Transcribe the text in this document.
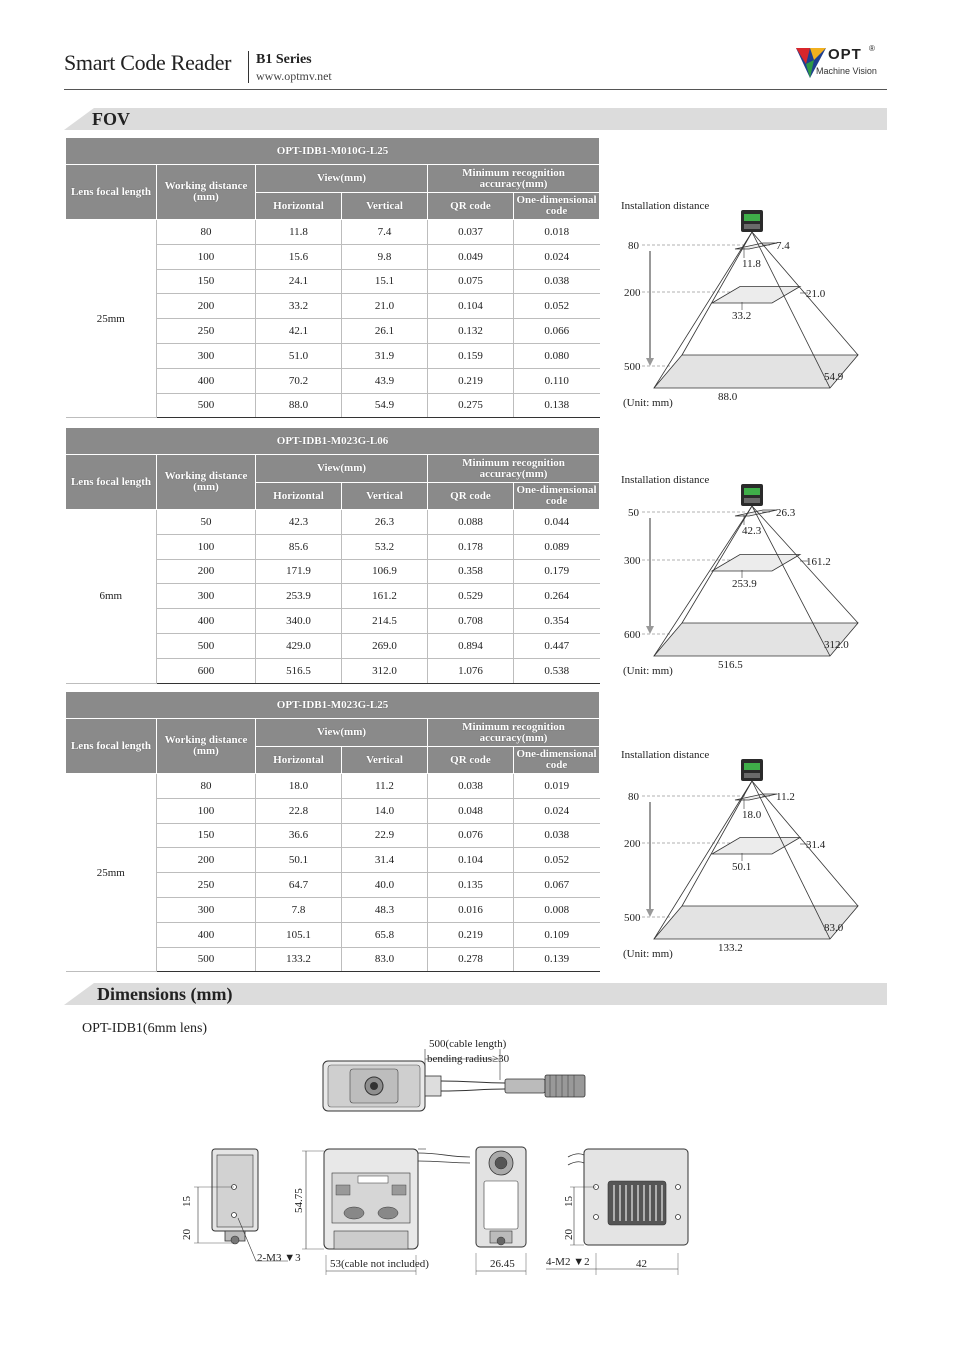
Smart Code Reader B1 Series
www.optmv.net
OPT ®
Machine Vision
FOV
OPT-IDB1-M010G-L25					
Lens focal length	Working distance (mm)	View(mm)		Minimum recognition accuracy(mm)	
		Horizontal	Vertical	QR code	One-dimensional code
25mm	80	11.8	7.4	0.037	0.018
	100	15.6	9.8	0.049	0.024
	150	24.1	15.1	0.075	0.038
	200	33.2	21.0	0.104	0.052
	250	42.1	26.1	0.132	0.066
	300	51.0	31.9	0.159	0.080
	400	70.2	43.9	0.219	0.110
	500	88.0	54.9	0.275	0.138
OPT-IDB1-M023G-L06					
Lens focal length	Working distance (mm)	View(mm)		Minimum recognition accuracy(mm)	
		Horizontal	Vertical	QR code	One-dimensional code
6mm	50	42.3	26.3	0.088	0.044
	100	85.6	53.2	0.178	0.089
	200	171.9	106.9	0.358	0.179
	300	253.9	161.2	0.529	0.264
	400	340.0	214.5	0.708	0.354
	500	429.0	269.0	0.894	0.447
	600	516.5	312.0	1.076	0.538
OPT-IDB1-M023G-L25					
Lens focal length	Working distance (mm)	View(mm)		Minimum recognition accuracy(mm)	
		Horizontal	Vertical	QR code	One-dimensional code
25mm	80	18.0	11.2	0.038	0.019
	100	22.8	14.0	0.048	0.024
	150	36.6	22.9	0.076	0.038
	200	50.1	31.4	0.104	0.052
	250	64.7	40.0	0.135	0.067
	300	7.8	48.3	0.016	0.008
	400	105.1	65.8	0.219	0.109
	500	133.2	83.0	0.278	0.139
Installation distance
80
200
500
7.4
21.0
54.9
11.8
33.2
88.0
(Unit: mm)
Installation distance
50
300
600
26.3
161.2
312.0
42.3
253.9
516.5
(Unit: mm)
Installation distance
80
200
500
11.2
31.4
83.0
18.0
50.1
133.2
(Unit: mm)
Dimensions (mm)
OPT-IDB1(6mm lens)
500(cable length)
bending radius≥30
15
20
2-M3 ▼3
54.75
53(cable not included)	26.45
15
20
4-M2 ▼2	42
